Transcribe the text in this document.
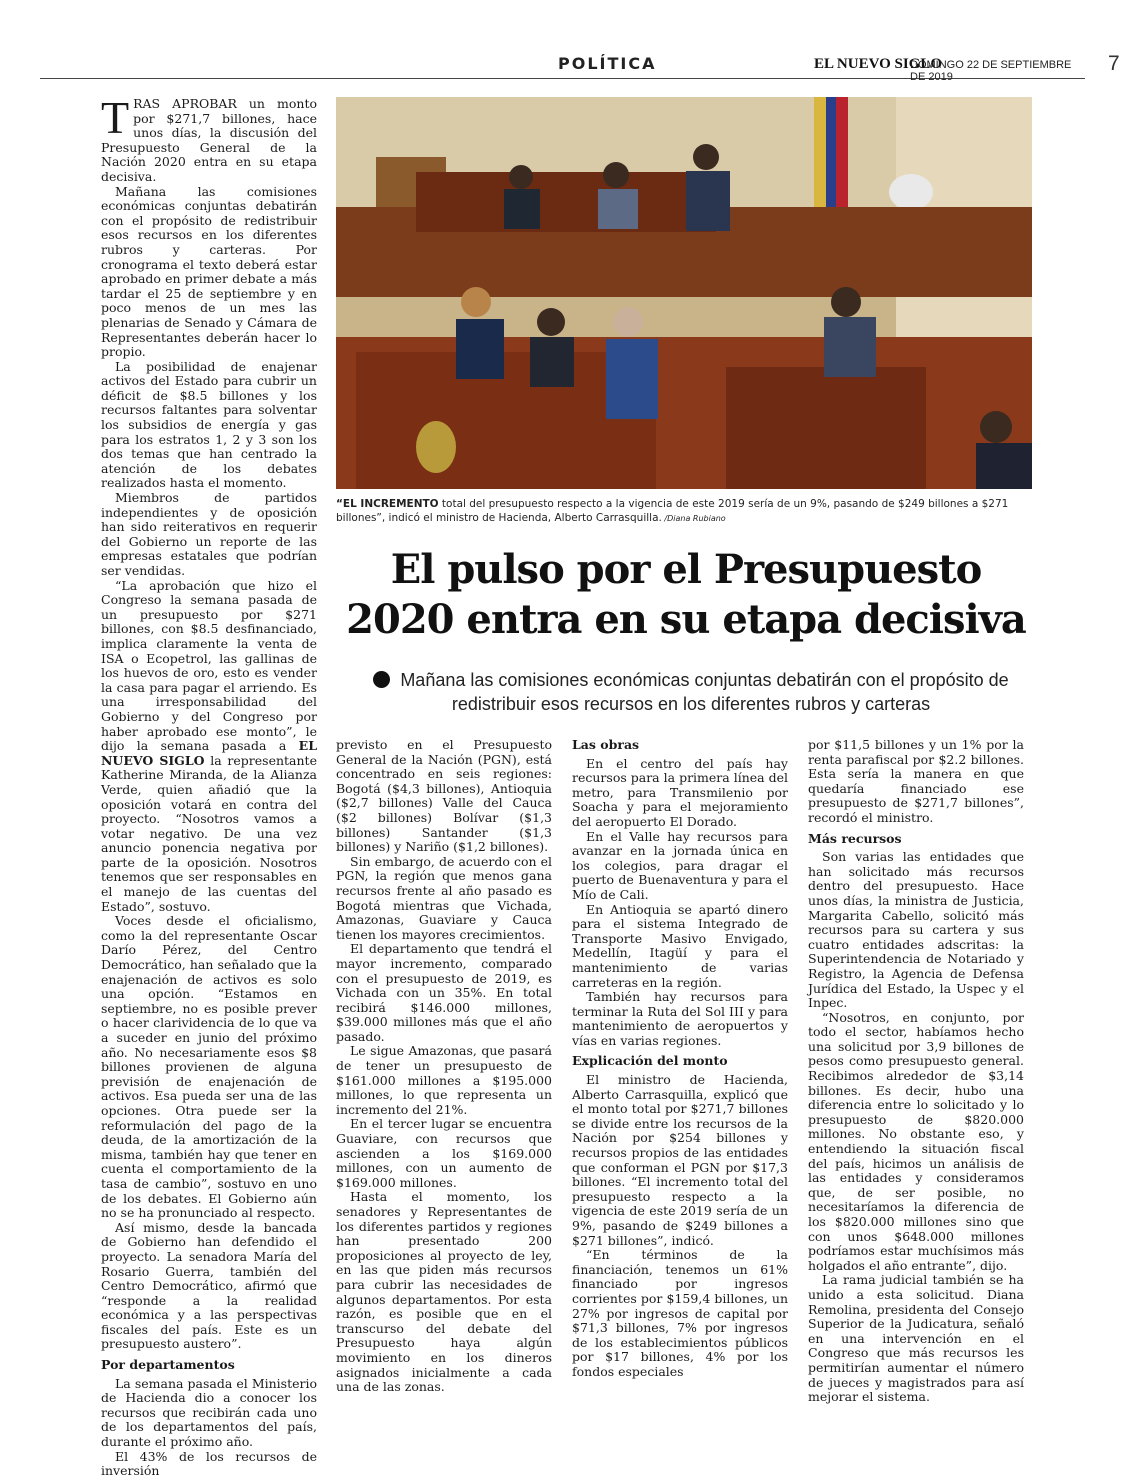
POLÍTICA	EL NUEVO SIGLO
DOMINGO 22 DE SEPTIEMBRE DE 2019
7

TRAS APROBAR un monto por $271,7 billones, hace unos días, la discusión del Presupuesto General de la Nación 2020 entra en su etapa decisiva.

Mañana las comisiones económicas conjuntas debatirán con el propósito de redistribuir esos recursos en los diferentes rubros y carteras. Por cronograma el texto deberá estar aprobado en primer debate a más tardar el 25 de septiembre y en poco menos de un mes las plenarias de Senado y Cámara de Representantes deberán hacer lo propio.

La posibilidad de enajenar activos del Estado para cubrir un déficit de $8.5 billones y los recursos faltantes para solventar los subsidios de energía y gas para los estratos 1, 2 y 3 son los dos temas que han centrado la atención de los debates realizados hasta el momento.

Miembros de partidos independientes y de oposición han sido reiterativos en requerir del Gobierno un reporte de las empresas estatales que podrían ser vendidas.

“La aprobación que hizo el Congreso la semana pasada de un presupuesto por $271 billones, con $8.5 desfinanciado, implica claramente la venta de ISA o Ecopetrol, las gallinas de los huevos de oro, esto es vender la casa para pagar el arriendo. Es una irresponsabilidad del Gobierno y del Congreso por haber aprobado ese monto”, le dijo la semana pasada a EL NUEVO SIGLO la representante Katherine Miranda, de la Alianza Verde, quien añadió que la oposición votará en contra del proyecto. “Nosotros vamos a votar negativo. De una vez anuncio ponencia negativa por parte de la oposición. Nosotros tenemos que ser responsables en el manejo de las cuentas del Estado”, sostuvo.

Voces desde el oficialismo, como la del representante Oscar Darío Pérez, del Centro Democrático, han señalado que la enajenación de activos es solo una opción. “Estamos en septiembre, no es posible prever o hacer clarividencia de lo que va a suceder en junio del próximo año. No necesariamente esos $8 billones provienen de alguna previsión de enajenación de activos. Esa pueda ser una de las opciones. Otra puede ser la reformulación del pago de la deuda, de la amortización de la misma, también hay que tener en cuenta el comportamiento de la tasa de cambio”, sostuvo en uno de los debates. El Gobierno aún no se ha pronunciado al respecto.

Así mismo, desde la bancada de Gobierno han defendido el proyecto. La senadora María del Rosario Guerra, también del Centro Democrático, afirmó que “responde a la realidad económica y a las perspectivas fiscales del país. Este es un presupuesto austero”.

Por departamentos

La semana pasada el Ministerio de Hacienda dio a conocer los recursos que recibirán cada uno de los departamentos del país, durante el próximo año.

El 43% de los recursos de inversión

“EL INCREMENTO total del presupuesto respecto a la vigencia de este 2019 sería de un 9%, pasando de $249 billones a $271 billones”, indicó el ministro de Hacienda, Alberto Carrasquilla. /Diana Rubiano
El pulso por el Presupuesto
2020 entra en su etapa decisiva
Mañana las comisiones económicas conjuntas debatirán con el propósito de redistribuir esos recursos en los diferentes rubros y carteras

previsto en el Presupuesto General de la Nación (PGN), está concentrado en seis regiones: Bogotá ($4,3 billones), Antioquia ($2,7 billones) Valle del Cauca ($2 billones) Bolívar ($1,3 billones) Santander ($1,3 billones) y Nariño ($1,2 billones).

Sin embargo, de acuerdo con el PGN, la región que menos gana recursos frente al año pasado es Bogotá mientras que Vichada, Amazonas, Guaviare y Cauca tienen los mayores crecimientos.

El departamento que tendrá el mayor incremento, comparado con el presupuesto de 2019, es Vichada con un 35%. En total recibirá $146.000 millones, $39.000 millones más que el año pasado.

Le sigue Amazonas, que pasará de tener un presupuesto de $161.000 millones a $195.000 millones, lo que representa un incremento del 21%.

En el tercer lugar se encuentra Guaviare, con recursos que ascienden a los $169.000 millones, con un aumento de $169.000 millones.

Hasta el momento, los senadores y Representantes de los diferentes partidos y regiones han presentado 200 proposiciones al proyecto de ley, en las que piden más recursos para cubrir las necesidades de algunos departamentos. Por esta razón, es posible que en el transcurso del debate del Presupuesto haya algún movimiento en los dineros asignados inicialmente a cada una de las zonas.

Las obras

En el centro del país hay recursos para la primera línea del metro, para Transmilenio por Soacha y para el mejoramiento del aeropuerto El Dorado.

En el Valle hay recursos para avanzar en la jornada única en los colegios, para dragar el puerto de Buenaventura y para el Mío de Cali.

En Antioquia se apartó dinero para el sistema Integrado de Transporte Masivo Envigado, Medellín, Itagüí y para el mantenimiento de varias carreteras en la región.

También hay recursos para terminar la Ruta del Sol III y para mantenimiento de aeropuertos y vías en varias regiones.

Explicación del monto

El ministro de Hacienda, Alberto Carrasquilla, explicó que el monto total por $271,7 billones se divide entre los recursos de la Nación por $254 billones y recursos propios de las entidades que conforman el PGN por $17,3 billones. “El incremento total del presupuesto respecto a la vigencia de este 2019 sería de un 9%, pasando de $249 billones a $271 billones”, indicó.

“En términos de la financiación, tenemos un 61% financiado por ingresos corrientes por $159,4 billones, un 27% por ingresos de capital por $71,3 billones, 7% por ingresos de los establecimientos públicos por $17 billones, 4% por los fondos especiales

por $11,5 billones y un 1% por la renta parafiscal por $2.2 billones. Esta sería la manera en que quedaría financiado ese presupuesto de $271,7 billones”, recordó el ministro.

Más recursos

Son varias las entidades que han solicitado más recursos dentro del presupuesto. Hace unos días, la ministra de Justicia, Margarita Cabello, solicitó más recursos para su cartera y sus cuatro entidades adscritas: la Superintendencia de Notariado y Registro, la Agencia de Defensa Jurídica del Estado, la Uspec y el Inpec.

“Nosotros, en conjunto, por todo el sector, habíamos hecho una solicitud por 3,9 billones de pesos como presupuesto general. Recibimos alrededor de $3,14 billones. Es decir, hubo una diferencia entre lo solicitado y lo presupuesto de $820.000 millones. No obstante eso, y entendiendo la situación fiscal del país, hicimos un análisis de las entidades y consideramos que, de ser posible, no necesitaríamos la diferencia de los $820.000 millones sino que con unos $648.000 millones podríamos estar muchísimos más holgados el año entrante”, dijo.

La rama judicial también se ha unido a esta solicitud. Diana Remolina, presidenta del Consejo Superior de la Judicatura, señaló en una intervención en el Congreso que más recursos les permitirían aumentar el número de jueces y magistrados para así mejorar el sistema.
